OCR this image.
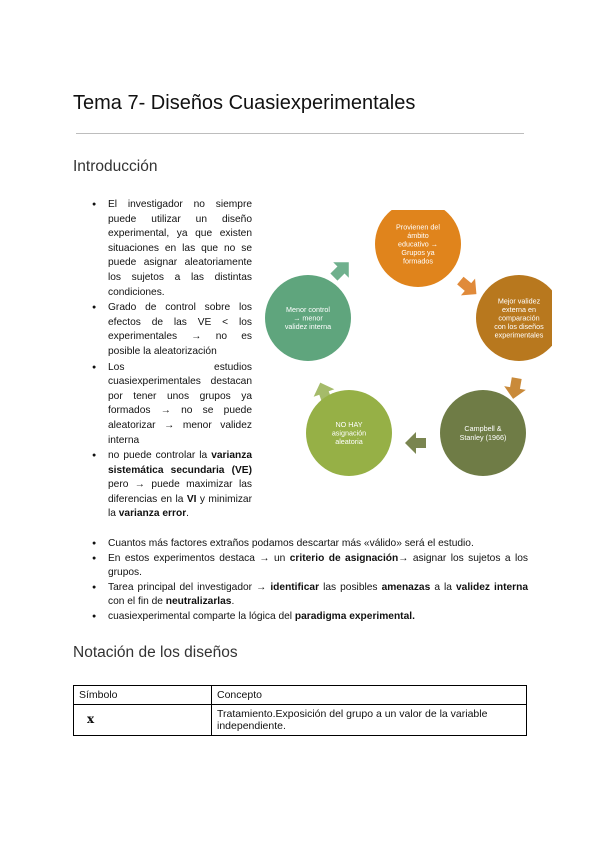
Tema 7- Diseños Cuasiexperimentales
Introducción
● El investigador no siempre puede utilizar un diseño experimental, ya que existen situaciones en las que no se puede asignar aleatoriamente los sujetos a las distintas condiciones.
● Grado de control sobre los efectos de las VE < los experimentales → no es posible la aleatorización
● Los estudios cuasiexperimentales destacan por tener unos grupos ya formados → no se puede aleatorizar → menor validez interna
● no puede controlar la varianza sistemática secundaria (VE) pero → puede maximizar las diferencias en la VI y minimizar la varianza error.
Provienen del
ámbito
educativo →
Grupos ya
formados
Mejor validez
externa en
comparación
con los diseños
experimentales
Campbell &
Stanley (1966)
NO HAY
asignación
aleatoria
Menor control
→ menor
validez interna
● Cuantos más factores extraños podamos descartar más «válido» será el estudio.
● En estos experimentos destaca → un criterio de asignación→ asignar los sujetos a los grupos.
● Tarea principal del investigador → identificar las posibles amenazas a la validez interna con el fin de neutralizarlas.
● cuasiexperimental comparte la lógica del paradigma experimental.
Notación de los diseños
Símbolo	Concepto
x	Tratamiento.Exposición del grupo a un valor de la variable independiente.
